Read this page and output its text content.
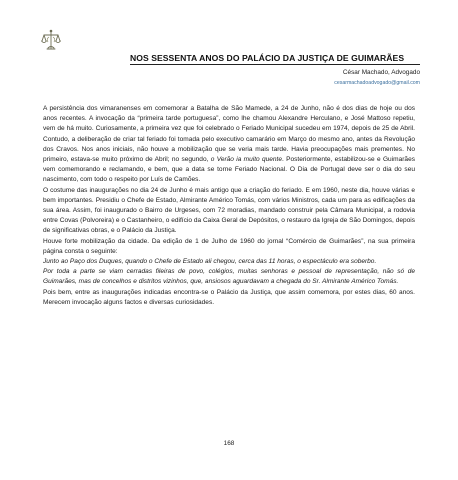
NOS SESSENTA ANOS DO PALÁCIO DA JUSTIÇA DE GUIMARÃES
César Machado, Advogado
cesarmachadoadvogado@gmail.com

A persistência dos vimaranenses em comemorar a Batalha de São Mamede, a 24 de Junho, não é dos dias de hoje ou dos anos recentes. A invocação da “primeira tarde portuguesa”, como lhe chamou Alexandre Herculano, e José Mattoso repetiu, vem de há muito. Curiosamente, a primeira vez que foi celebrado o Feriado Municipal sucedeu em 1974, depois de 25 de Abril. Contudo, a deliberação de criar tal feriado foi tomada pelo executivo camarário em Março do mesmo ano, antes da Revolução dos Cravos. Nos anos iniciais, não houve a mobilização que se veria mais tarde. Havia preocupações mais prementes. No primeiro, estava-se muito próximo de Abril; no segundo, o Verão ia muito quente. Posteriormente, estabilizou-se e Guimarães vem comemorando e reclamando, e bem, que a data se torne Feriado Nacional. O Dia de Portugal deve ser o dia do seu nascimento, com todo o respeito por Luís de Camões.

O costume das inaugurações no dia 24 de Junho é mais antigo que a criação do feriado. E em 1960, neste dia, houve várias e bem importantes. Presidiu o Chefe de Estado, Almirante Américo Tomás, com vários Ministros, cada um para as edificações da sua área. Assim, foi inaugurado o Bairro de Urgeses, com 72 moradias, mandado construir pela Câmara Municipal, a rodovia entre Covas (Polvoreira) e o Castanheiro, o edifício da Caixa Geral de Depósitos, o restauro da Igreja de São Domingos, depois de significativas obras, e o Palácio da Justiça.

Houve forte mobilização da cidade. Da edição de 1 de Julho de 1960 do jornal “Comércio de Guimarães”, na sua primeira página consta o seguinte:

Junto ao Paço dos Duques, quando o Chefe de Estado ali chegou, cerca das 11 horas, o espectáculo era soberbo.

Por toda a parte se viam cerradas fileiras de povo, colégios, muitas senhoras e pessoal de representação, não só de Guimarães, mas de concelhos e distritos vizinhos, que, ansiosos aguardavam a chegada do Sr. Almirante Américo Tomás.

Pois bem, entre as inaugurações indicadas encontra-se o Palácio da Justiça, que assim comemora, por estes dias, 60 anos. Merecem invocação alguns factos e diversas curiosidades.

168
